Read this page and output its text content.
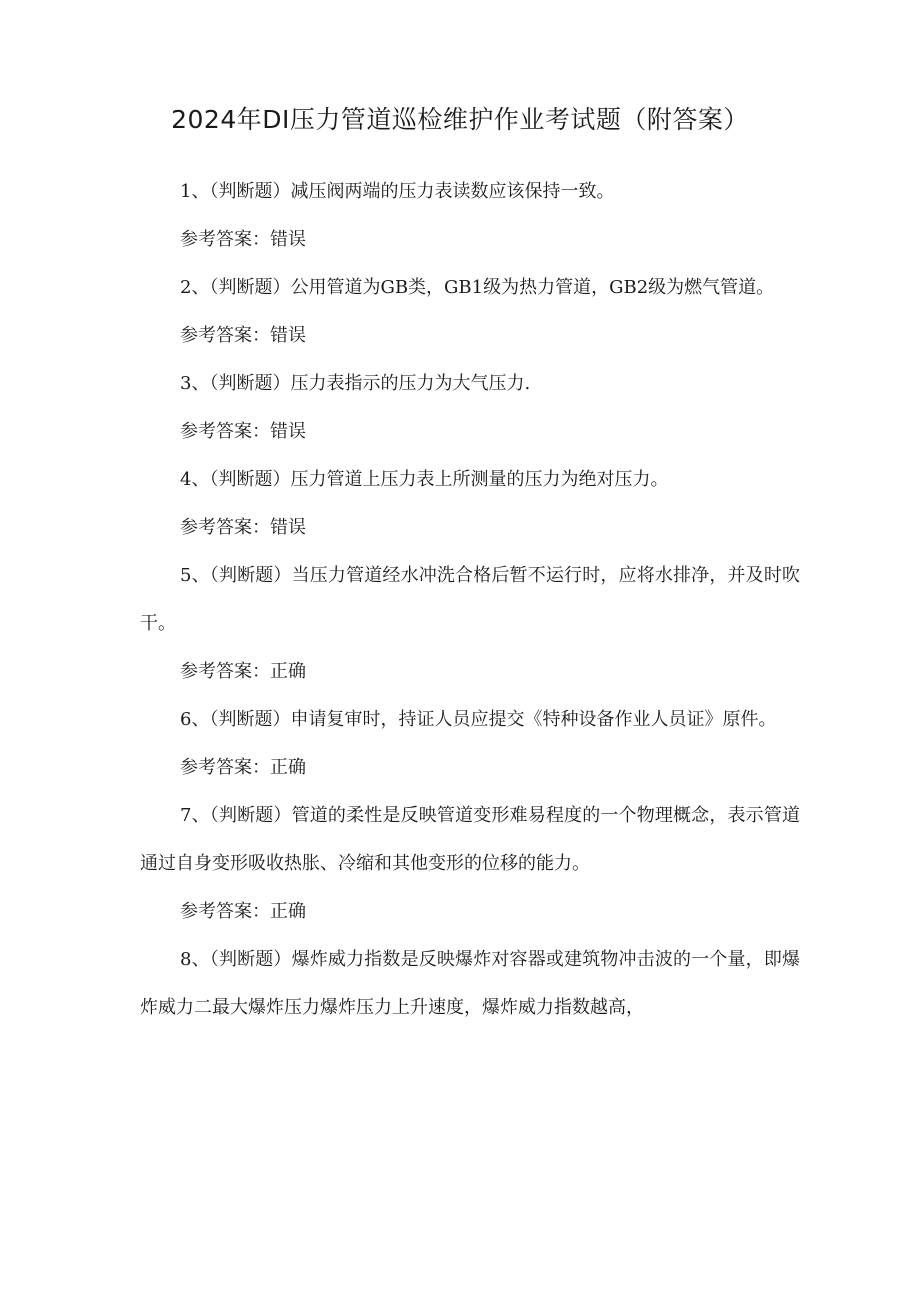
2024年DI压力管道巡检维护作业考试题（附答案）

1、（判断题）减压阀两端的压力表读数应该保持一致。

参考答案：错误

2、（判断题）公用管道为GB类，GB1级为热力管道，GB2级为燃气管道。

参考答案：错误

3、（判断题）压力表指示的压力为大气压力.

参考答案：错误

4、（判断题）压力管道上压力表上所测量的压力为绝对压力。

参考答案：错误

5、（判断题）当压力管道经水冲洗合格后暂不运行时，应将水排净，并及时吹干。

参考答案：正确

6、（判断题）申请复审时，持证人员应提交《特种设备作业人员证》原件。

参考答案：正确

7、（判断题）管道的柔性是反映管道变形难易程度的一个物理概念，表示管道通过自身变形吸收热胀、冷缩和其他变形的位移的能力。

参考答案：正确

8、（判断题）爆炸威力指数是反映爆炸对容器或建筑物冲击波的一个量，即爆炸威力二最大爆炸压力爆炸压力上升速度，爆炸威力指数越高，
